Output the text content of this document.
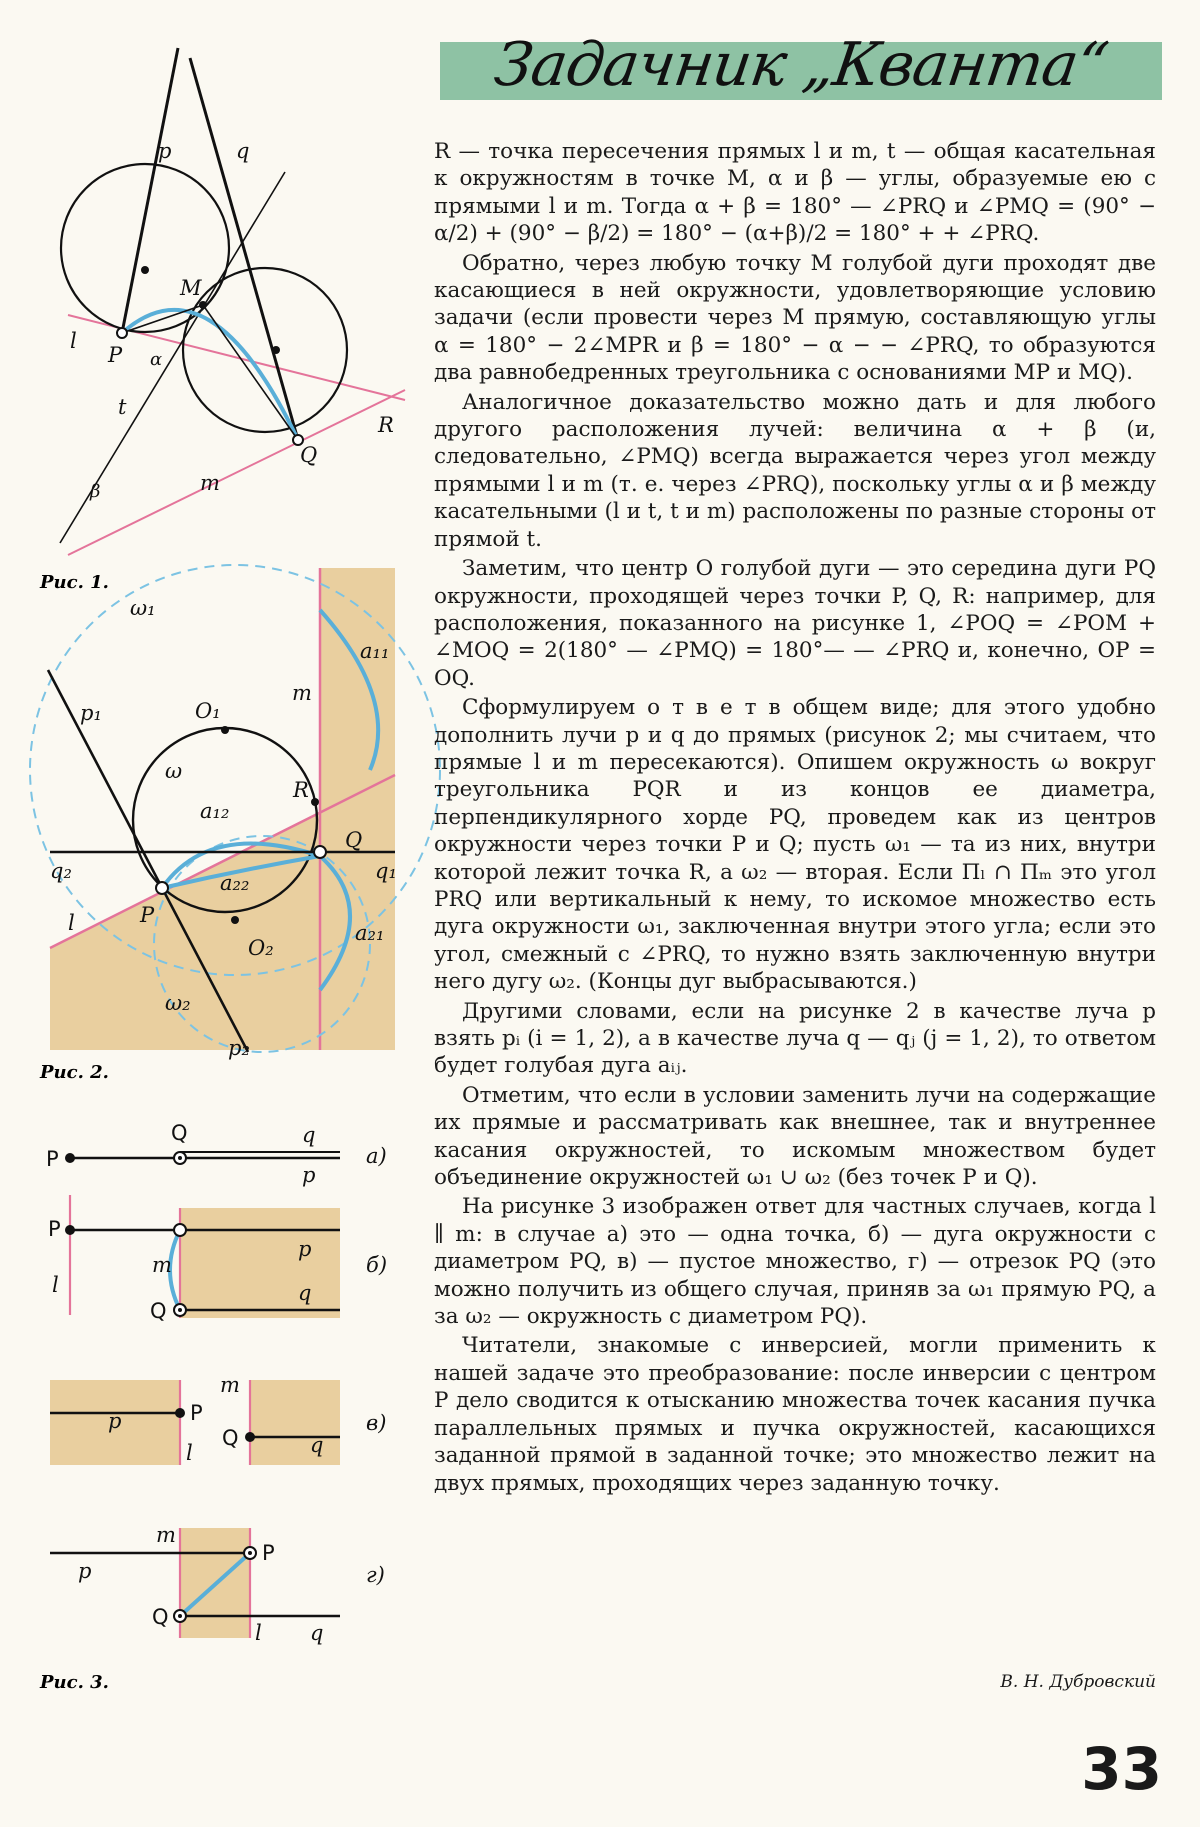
Задачник „Кванта“
p	q
M
l
P α
t
Q
R
m
β
Рис. 1.
ω₁
p₁	O₁
m
a₁₁
ω
R
a₁₂
Q
q₂	q₁
a₂₂
P
l
O₂
a₂₁
ω₂
p₂
Рис. 2.
P
Q	q
p
а)
P
m
l
Q
p
q
б)
p	P
l
m
Q	q
в)
m
P
p
Q
l q
г)
Рис. 3.

R — точка пересечения прямых l и m, t — общая касательная к окружностям в точке M, α и β — углы, образуемые ею с прямыми l и m. Тогда α + β = 180° — ∠PRQ и ∠PMQ = (90° − α/2) + (90° − β/2) = 180° − (α+β)/2 = 180° + + ∠PRQ.

Обратно, через любую точку M голубой дуги проходят две касающиеся в ней окружности, удовлетворяющие условию задачи (если провести через M прямую, составляющую углы α = 180° − 2∠MPR и β = 180° − α − − ∠PRQ, то образуются два равнобедренных треугольника с основаниями MP и MQ).

Аналогичное доказательство можно дать и для любого другого расположения лучей: величина α + β (и, следовательно, ∠PMQ) всегда выражается через угол между прямыми l и m (т. е. через ∠PRQ), поскольку углы α и β между касательными (l и t, t и m) расположены по разные стороны от прямой t.

Заметим, что центр O голубой дуги — это середина дуги PQ окружности, проходящей через точки P, Q, R: например, для расположения, показанного на рисунке 1, ∠POQ = ∠POM + ∠MOQ = 2(180° — ∠PMQ) = 180°— — ∠PRQ и, конечно, OP = OQ.

Сформулируем о т в е т в общем виде; для этого удобно дополнить лучи p и q до прямых (рисунок 2; мы считаем, что прямые l и m пересекаются). Опишем окружность ω вокруг треугольника PQR и из концов ее диаметра, перпендикулярного хорде PQ, проведем как из центров окружности через точки P и Q; пусть ω₁ — та из них, внутри которой лежит точка R, а ω₂ — вторая. Если Πₗ ∩ Πₘ это угол PRQ или вертикальный к нему, то искомое множество есть дуга окружности ω₁, заключенная внутри этого угла; если это угол, смежный с ∠PRQ, то нужно взять заключенную внутри него дугу ω₂. (Концы дуг выбрасываются.)

Другими словами, если на рисунке 2 в качестве луча p взять pᵢ (i = 1, 2), а в качестве луча q — qⱼ (j = 1, 2), то ответом будет голубая дуга aᵢⱼ.

Отметим, что если в условии заменить лучи на содержащие их прямые и рассматривать как внешнее, так и внутреннее касания окружностей, то искомым множеством будет объединение окружностей ω₁ ∪ ω₂ (без точек P и Q).

На рисунке 3 изображен ответ для частных случаев, когда l ∥ m: в случае а) это — одна точка, б) — дуга окружности с диаметром PQ, в) — пустое множество, г) — отрезок PQ (это можно получить из общего случая, приняв за ω₁ прямую PQ, а за ω₂ — окружность с диаметром PQ).

Читатели, знакомые с инверсией, могли применить к нашей задаче это преобразование: после инверсии с центром P дело сводится к отысканию множества точек касания пучка параллельных прямых и пучка окружностей, касающихся заданной прямой в заданной точке; это множество лежит на двух прямых, проходящих через заданную точку.

В. Н. Дубровский
33
